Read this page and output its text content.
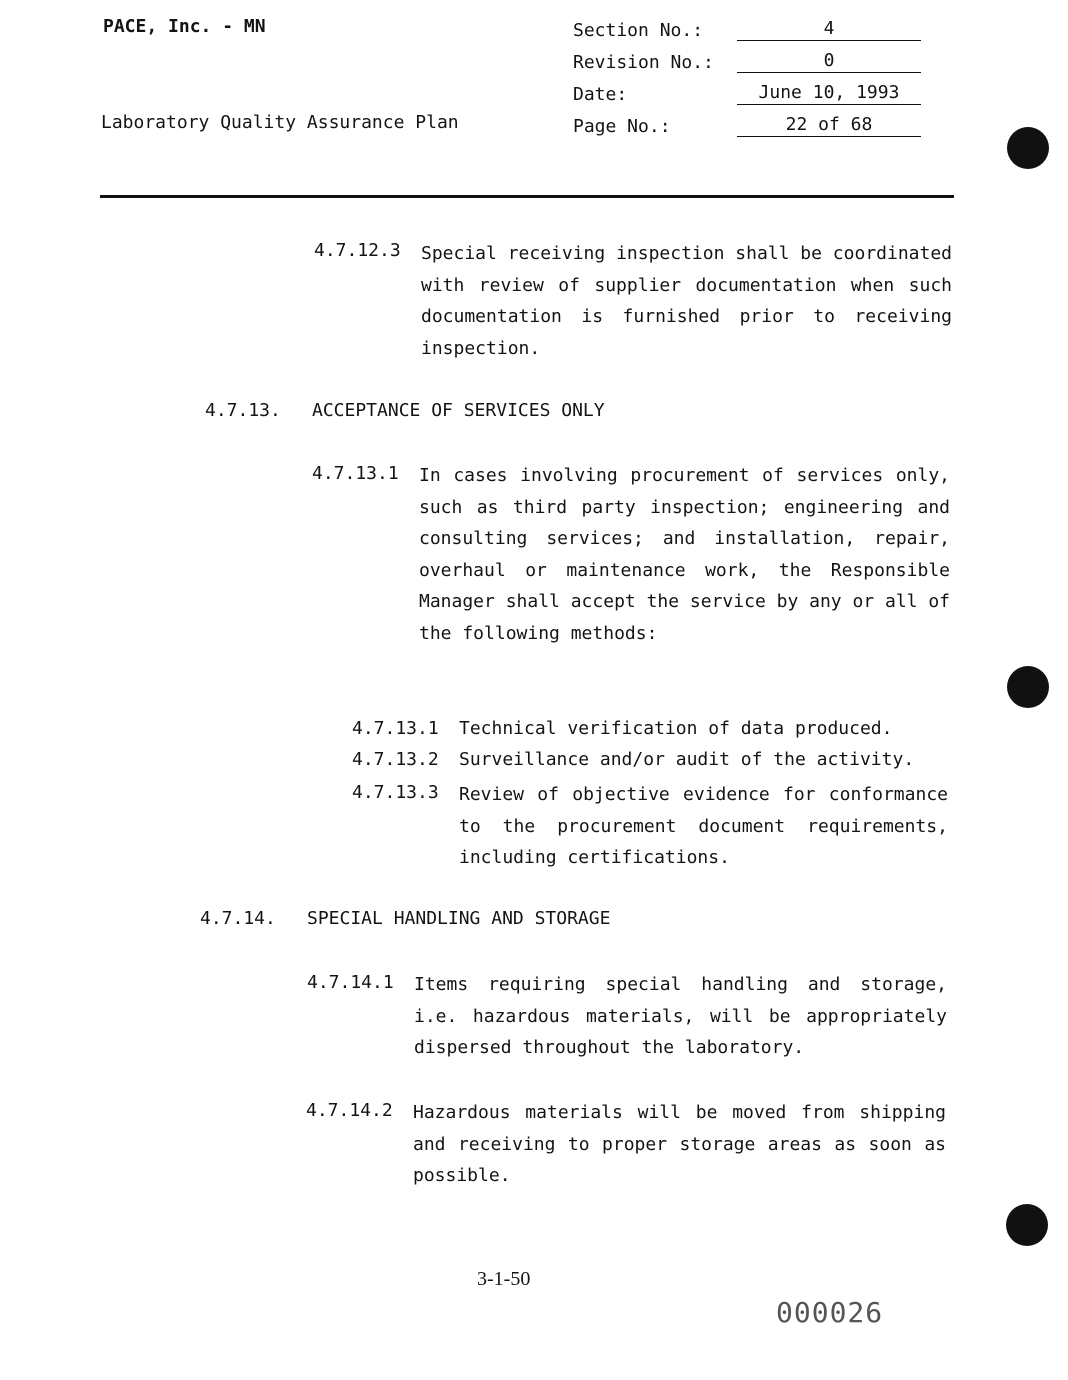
PACE, Inc. - MN
Laboratory Quality Assurance Plan
Section No.:	4
Revision No.:	0
Date:	June 10, 1993
Page No.:	22 of 68
4.7.12.3 Special receiving inspection shall be coordinated with review of supplier documentation when such documentation is furnished prior to receiving inspection.
4.7.13. ACCEPTANCE OF SERVICES ONLY
4.7.13.1 In cases involving procurement of services only, such as third party inspection; engineering and consulting services; and installation, repair, overhaul or maintenance work, the Responsible Manager shall accept the service by any or all of the following methods:
4.7.13.1 Technical verification of data produced.
4.7.13.2 Surveillance and/or audit of the activity.
4.7.13.3 Review of objective evidence for conformance to the procurement document requirements, including certifications.
4.7.14. SPECIAL HANDLING AND STORAGE
4.7.14.1 Items requiring special handling and storage, i.e. hazardous materials, will be appropriately dispersed throughout the laboratory.
4.7.14.2 Hazardous materials will be moved from shipping and receiving to proper storage areas as soon as possible.
3-1-50
000026
